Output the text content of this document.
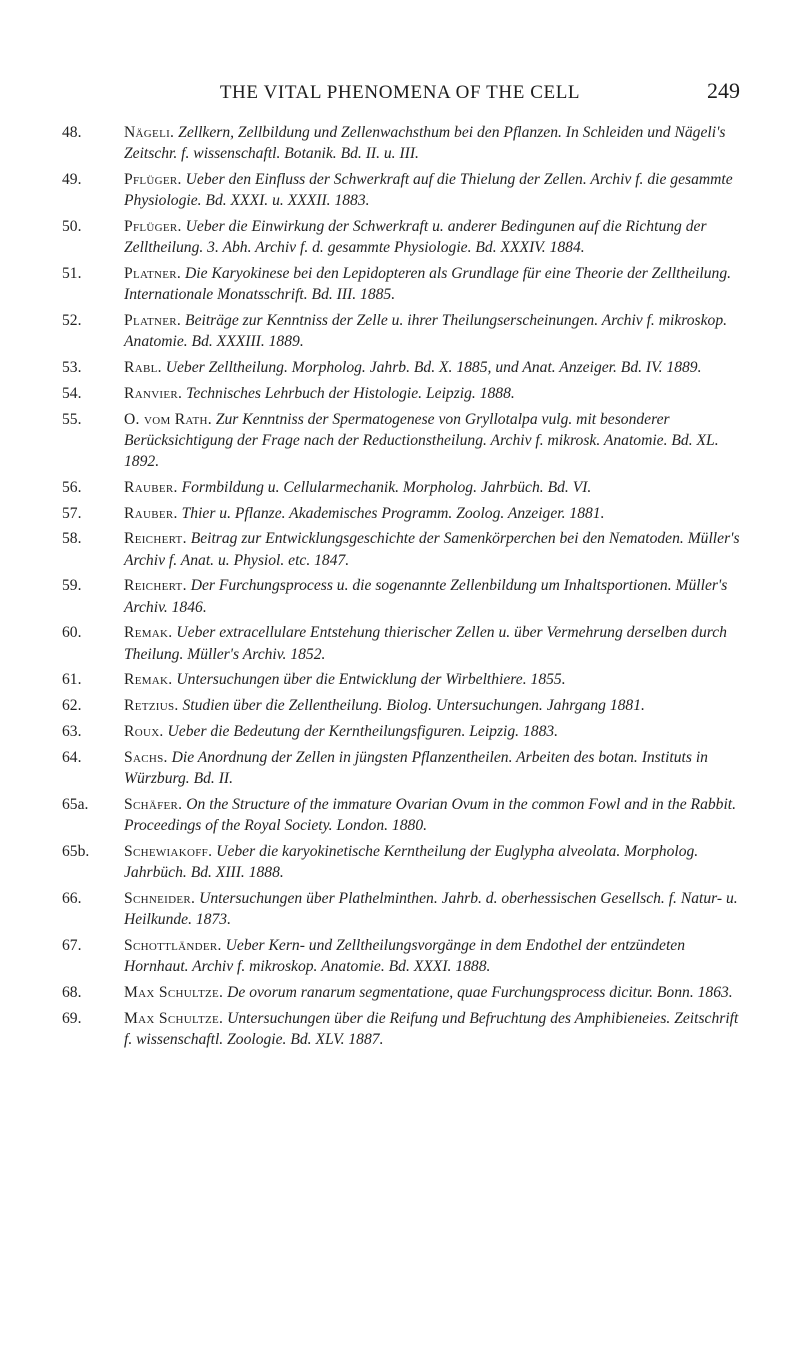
THE VITAL PHENOMENA OF THE CELL	249
48.	Nägeli. Zellkern, Zellbildung und Zellenwachsthum bei den Pflanzen. In Schleiden und Nägeli's Zeitschr. f. wissenschaftl. Botanik. Bd. II. u. III.
49.	Pflüger. Ueber den Einfluss der Schwerkraft auf die Thielung der Zellen. Archiv f. die gesammte Physiologie. Bd. XXXI. u. XXXII. 1883.
50.	Pflüger. Ueber die Einwirkung der Schwerkraft u. anderer Bedingunen auf die Richtung der Zelltheilung. 3. Abh. Archiv f. d. gesammte Physiologie. Bd. XXXIV. 1884.
51.	Platner. Die Karyokinese bei den Lepidopteren als Grundlage für eine Theorie der Zelltheilung. Internationale Monatsschrift. Bd. III. 1885.
52.	Platner. Beiträge zur Kenntniss der Zelle u. ihrer Theilungserscheinungen. Archiv f. mikroskop. Anatomie. Bd. XXXIII. 1889.
53.	Rabl. Ueber Zelltheilung. Morpholog. Jahrb. Bd. X. 1885, und Anat. Anzeiger. Bd. IV. 1889.
54.	Ranvier. Technisches Lehrbuch der Histologie. Leipzig. 1888.
55.	O. vom Rath. Zur Kenntniss der Spermatogenese von Gryllotalpa vulg. mit besonderer Berücksichtigung der Frage nach der Reductionstheilung. Archiv f. mikrosk. Anatomie. Bd. XL. 1892.
56.	Rauber. Formbildung u. Cellularmechanik. Morpholog. Jahrbüch. Bd. VI.
57.	Rauber. Thier u. Pflanze. Akademisches Programm. Zoolog. Anzeiger. 1881.
58.	Reichert. Beitrag zur Entwicklungsgeschichte der Samenkörperchen bei den Nematoden. Müller's Archiv f. Anat. u. Physiol. etc. 1847.
59.	Reichert. Der Furchungsprocess u. die sogenannte Zellenbildung um Inhaltsportionen. Müller's Archiv. 1846.
60.	Remak. Ueber extracellulare Entstehung thierischer Zellen u. über Vermehrung derselben durch Theilung. Müller's Archiv. 1852.
61.	Remak. Untersuchungen über die Entwicklung der Wirbelthiere. 1855.
62.	Retzius. Studien über die Zellentheilung. Biolog. Untersuchungen. Jahrgang 1881.
63.	Roux. Ueber die Bedeutung der Kerntheilungsfiguren. Leipzig. 1883.
64.	Sachs. Die Anordnung der Zellen in jüngsten Pflanzentheilen. Arbeiten des botan. Instituts in Würzburg. Bd. II.
65a. Schäfer. On the Structure of the immature Ovarian Ovum in the common Fowl and in the Rabbit. Proceedings of the Royal Society. London. 1880.
65b. Schewiakoff. Ueber die karyokinetische Kerntheilung der Euglypha alveolata. Morpholog. Jahrbüch. Bd. XIII. 1888.
66.	Schneider. Untersuchungen über Plathelminthen. Jahrb. d. oberhessischen Gesellsch. f. Natur- u. Heilkunde. 1873.
67.	Schottländer. Ueber Kern- und Zelltheilungsvorgänge in dem Endothel der entzündeten Hornhaut. Archiv f. mikroskop. Anatomie. Bd. XXXI. 1888.
68.	Max Schultze. De ovorum ranarum segmentatione, quae Furchungsprocess dicitur. Bonn. 1863.
69.	Max Schultze. Untersuchungen über die Reifung und Befruchtung des Amphibieneies. Zeitschrift f. wissenschaftl. Zoologie. Bd. XLV. 1887.
